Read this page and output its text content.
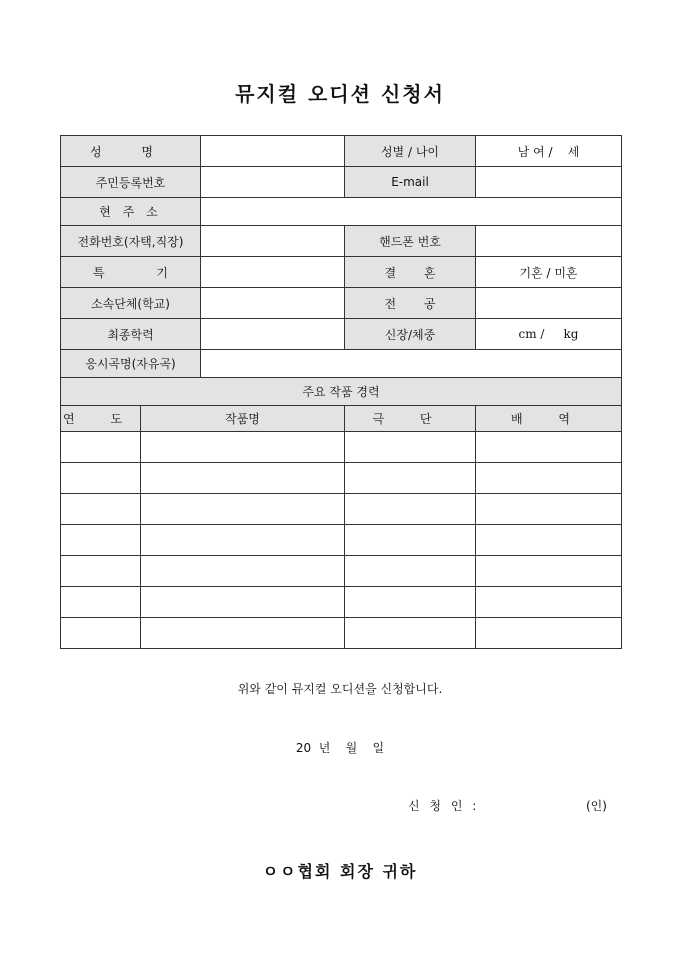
뮤지컬 오디션 신청서
성 명			성별 / 나이	남 여 /    세
주민등록번호			E-mail	
현 주 소				
전화번호(자택,직장)			핸드폰 번호	
특 기			결 혼	기혼 / 미혼
소속단체(학교)			전 공	
최종학력			신장/체중	cm /     kg
응시곡명(자유곡)				
주요 작품 경력				
연 도	작품명		극 단	배 역

위와 같이 뮤지컬 오디션을 신청합니다.
20  년    월    일
신 청 인 :	(인)
ㅇㅇ협회 회장 귀하
